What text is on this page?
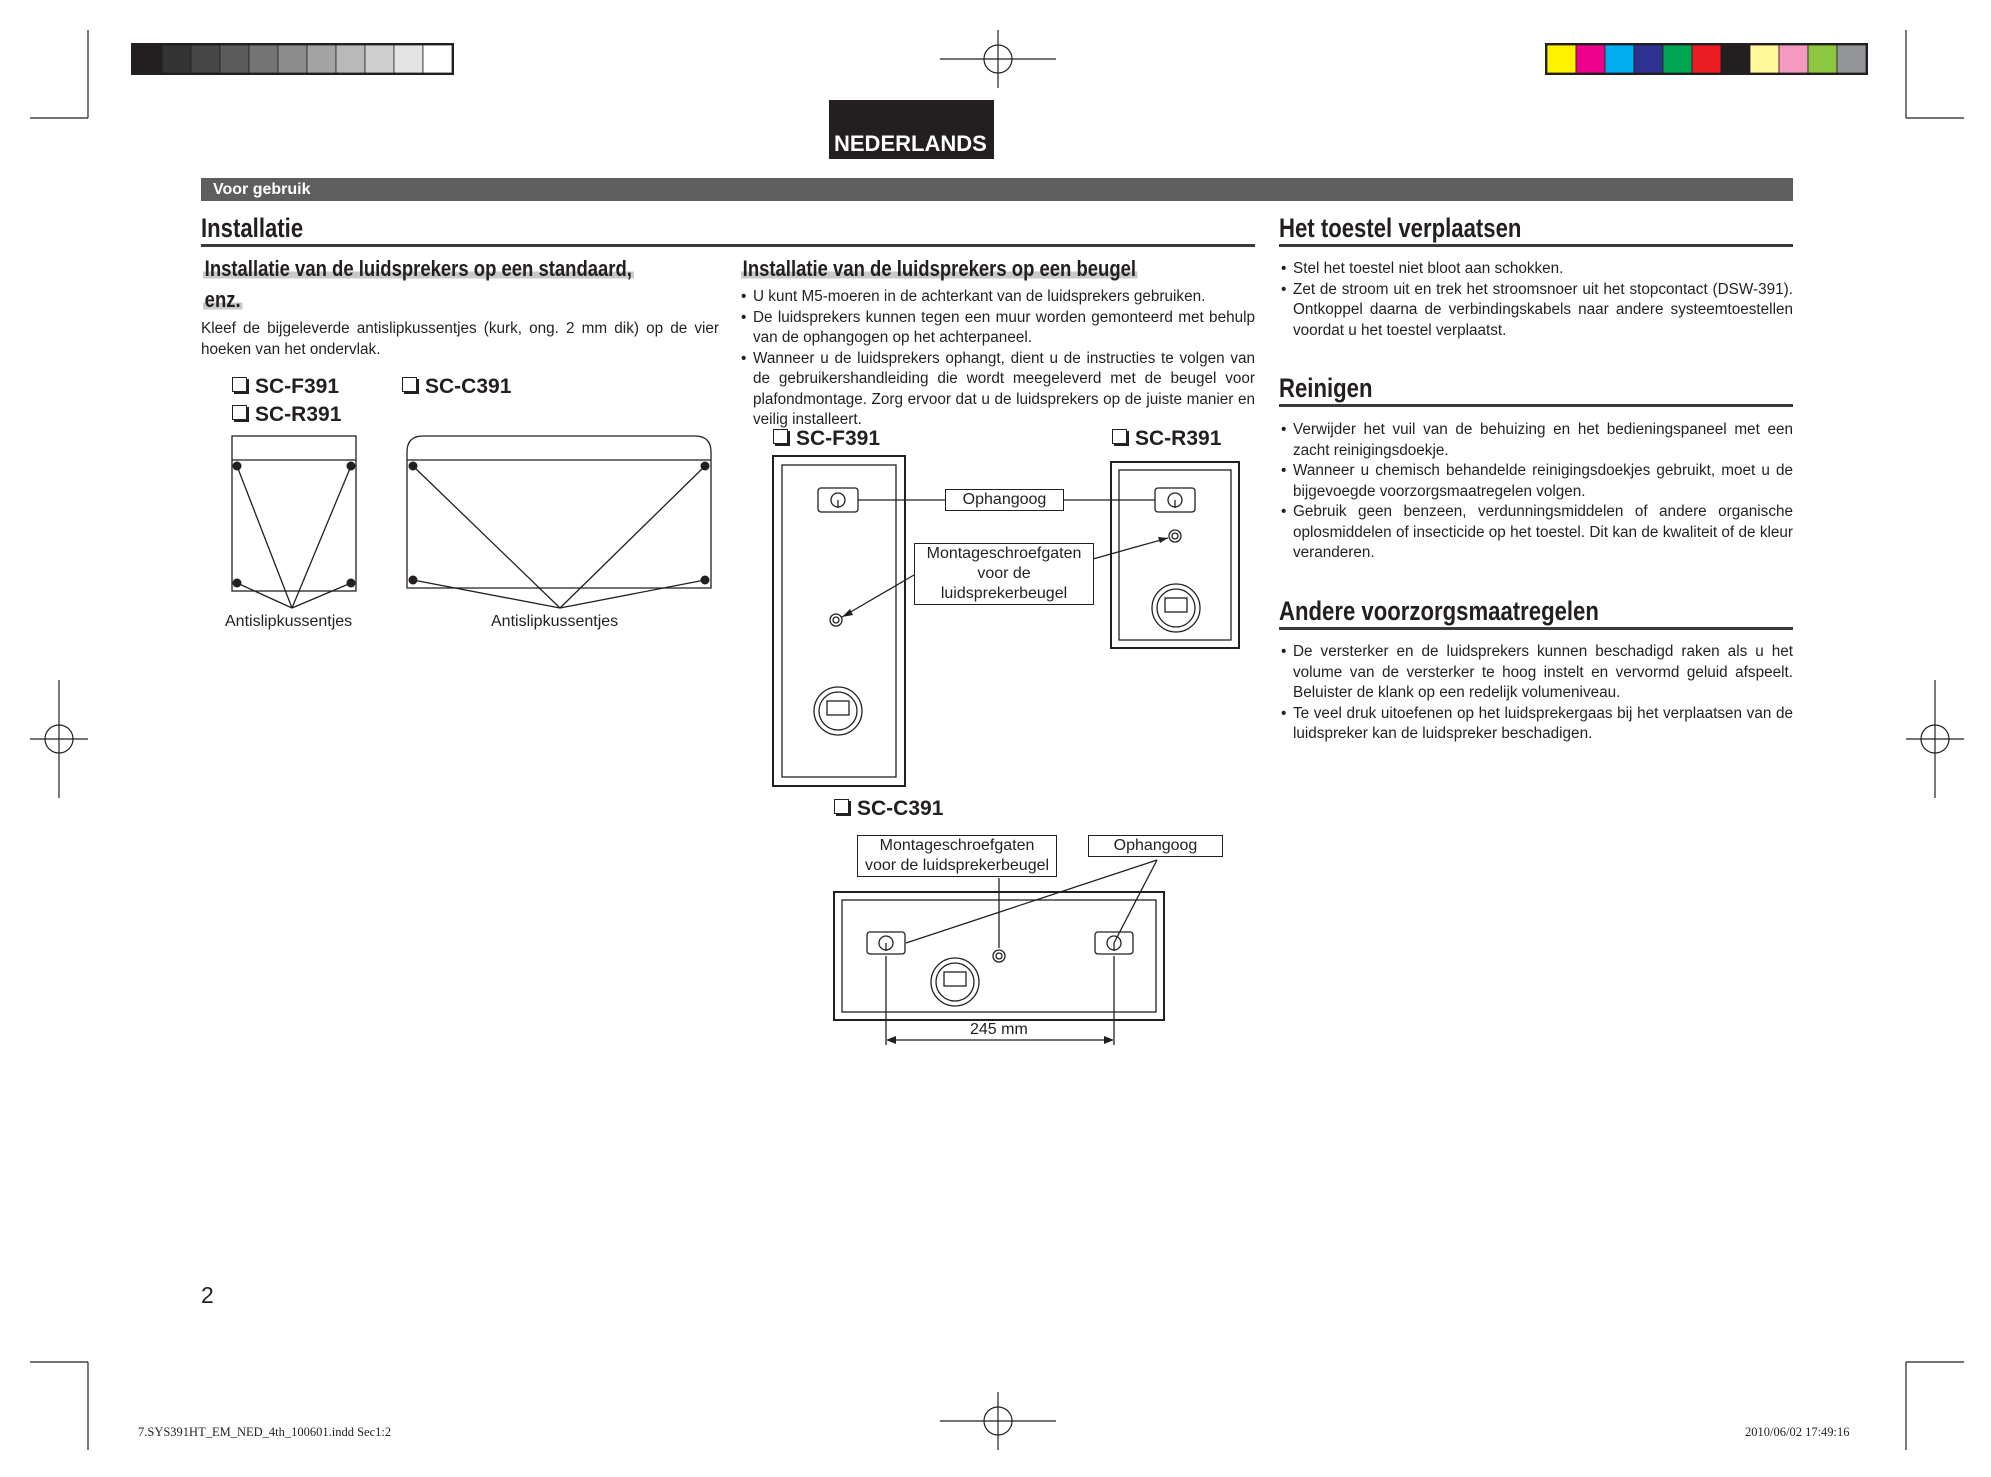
NEDERLANDS
Voor gebruik
Installatie
Installatie van de luidsprekers op een standaard,
enz.
Kleef de bijgeleverde antislipkussentjes (kurk, ong. 2 mm dik) op de vier hoeken van het ondervlak.
SC-F391	SC-C391
SC-R391
Antislipkussentjes	Antislipkussentjes
Installatie van de luidsprekers op een beugel
• U kunt M5-moeren in de achterkant van de luidsprekers gebruiken.
• De luidsprekers kunnen tegen een muur worden gemonteerd met behulp van de ophangogen op het achterpaneel.
• Wanneer u de luidsprekers ophangt, dient u de instructies te volgen van de gebruikershandleiding die wordt meegeleverd met de beugel voor plafondmontage. Zorg ervoor dat u de luidsprekers op de juiste manier en veilig installeert.
SC-F391	SC-R391
SC-C391
Ophangoog
Montageschroefgaten
voor de
luidsprekerbeugel
Montageschroefgaten
voor de luidsprekerbeugel
Ophangoog
245 mm
Het toestel verplaatsen
• Stel het toestel niet bloot aan schokken.
• Zet de stroom uit en trek het stroomsnoer uit het stopcontact (DSW-391). Ontkoppel daarna de verbindingskabels naar andere systeemtoestellen voordat u het toestel verplaatst.
Reinigen
• Verwijder het vuil van de behuizing en het bedieningspaneel met een zacht reinigingsdoekje.
• Wanneer u chemisch behandelde reinigingsdoekjes gebruikt, moet u de bijgevoegde voorzorgsmaatregelen volgen.
• Gebruik geen benzeen, verdunningsmiddelen of andere organische oplosmiddelen of insecticide op het toestel. Dit kan de kwaliteit of de kleur veranderen.
Andere voorzorgsmaatregelen
• De versterker en de luidsprekers kunnen beschadigd raken als u het volume van de versterker te hoog instelt en vervormd geluid afspeelt. Beluister de klank op een redelijk volumeniveau.
• Te veel druk uitoefenen op het luidsprekergaas bij het verplaatsen van de luidspreker kan de luidspreker beschadigen.
2
7.SYS391HT_EM_NED_4th_100601.indd Sec1:2	2010/06/02 17:49:16
